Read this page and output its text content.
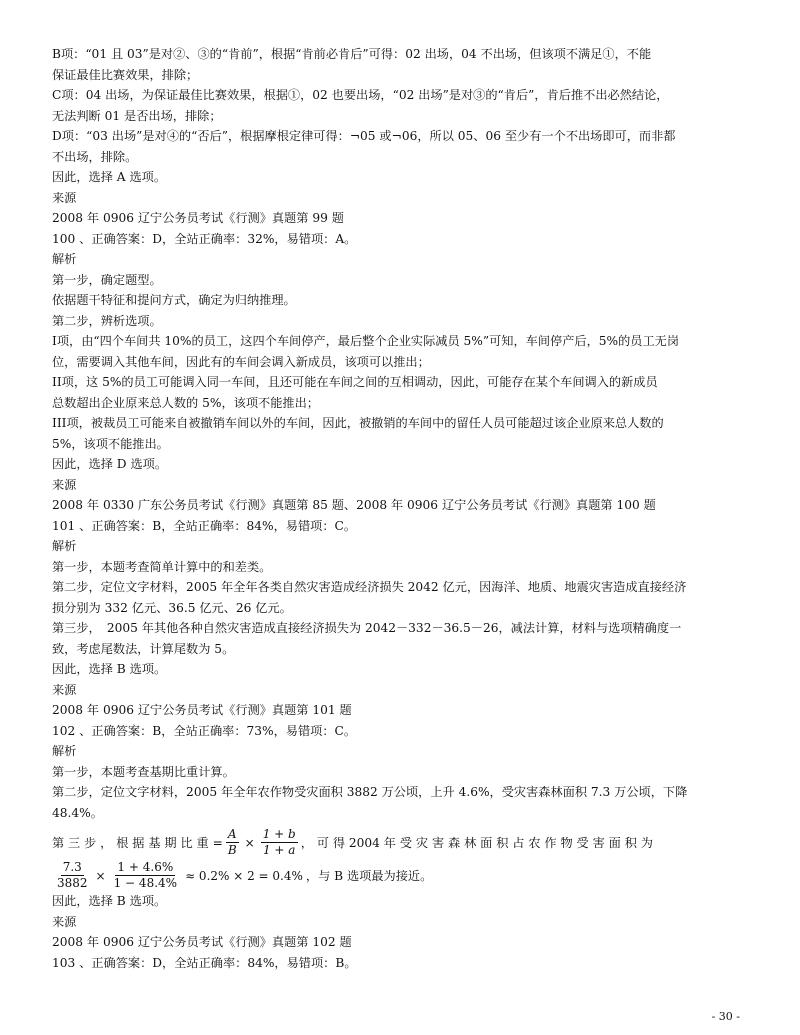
B项：“01 且 03”是对②、③的“肯前”，根据“肯前必肯后”可得：02 出场，04 不出场，但该项不满足①，不能
保证最佳比赛效果，排除；
C项：04 出场，为保证最佳比赛效果，根据①，02 也要出场，“02 出场”是对③的“肯后”，肯后推不出必然结论，
无法判断 01 是否出场，排除；
D项：“03 出场”是对④的“否后”，根据摩根定律可得：¬05 或¬06，所以 05、06 至少有一个不出场即可，而非都
不出场，排除。
因此，选择 A 选项。
来源
2008 年 0906 辽宁公务员考试《行测》真题第 99 题
100 、正确答案：D，全站正确率：32%，易错项：A。
解析
第一步，确定题型。
依据题干特征和提问方式，确定为归纳推理。
第二步，辨析选项。
I项，由“四个车间共 10%的员工，这四个车间停产，最后整个企业实际减员 5%”可知，车间停产后，5%的员工无岗
位，需要调入其他车间，因此有的车间会调入新成员，该项可以推出；
II项，这 5%的员工可能调入同一车间，且还可能在车间之间的互相调动，因此，可能存在某个车间调入的新成员
总数超出企业原来总人数的 5%，该项不能推出；
III项，被裁员工可能来自被撤销车间以外的车间，因此，被撤销的车间中的留任人员可能超过该企业原来总人数的
5%，该项不能推出。
因此，选择 D 选项。
来源
2008 年 0330 广东公务员考试《行测》真题第 85 题、2008 年 0906 辽宁公务员考试《行测》真题第 100 题
101 、正确答案：B，全站正确率：84%，易错项：C。
解析
第一步，本题考查简单计算中的和差类。
第二步，定位文字材料，2005 年全年各类自然灾害造成经济损失 2042 亿元，因海洋、地质、地震灾害造成直接经济
损分别为 332 亿元、36.5 亿元、26 亿元。
第三步，　2005 年其他各种自然灾害造成直接经济损失为 2042－332－36.5－26，减法计算，材料与选项精确度一
致，考虑尾数法，计算尾数为 5。
因此，选择 B 选项。
来源
2008 年 0906 辽宁公务员考试《行测》真题第 101 题
102 、正确答案：B，全站正确率：73%，易错项：C。
解析
第一步，本题考查基期比重计算。
第二步，定位文字材料，2005 年全年农作物受灾面积 3882 万公顷，上升 4.6%，受灾害森林面积 7.3 万公顷，下降
48.4%。
第 三 步 ， 根 据 基 期 比 重 = $\frac{A}{B} \times \frac{1 + b}{1 + a}$ ， 可 得 2004 年 受 灾 害 森 林 面 积 占 农 作 物 受 害 面 积 为
$\frac{7.3}{3882} \times \frac{1 + 4.6\%}{1 - 48.4\%} \approx 0.2\% \times 2 = 0.4\%$ ，与 B 选项最为接近。
因此，选择 B 选项。
来源
2008 年 0906 辽宁公务员考试《行测》真题第 102 题
103 、正确答案：D，全站正确率：84%，易错项：B。
- 30 -
